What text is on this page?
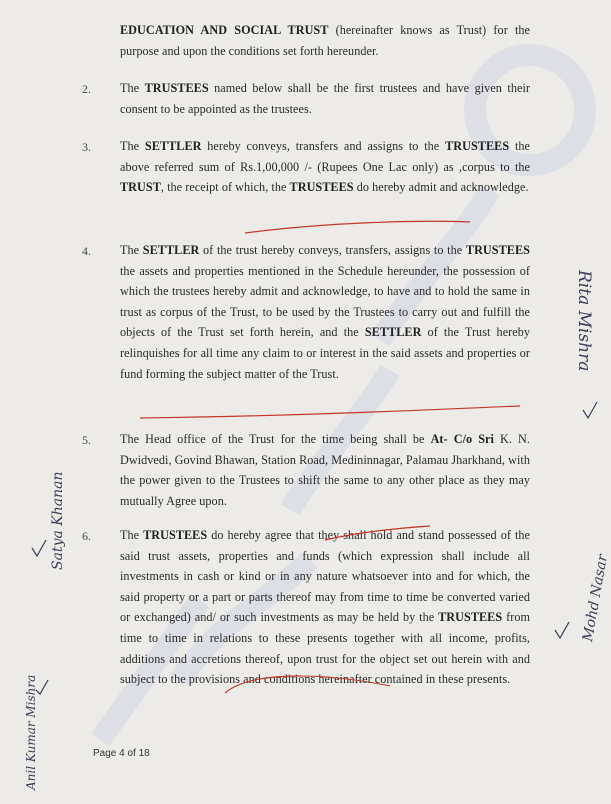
2.
3.
4.
5.
6.
EDUCATION AND SOCIAL TRUST (hereinafter knows as Trust) for the purpose and upon the conditions set forth hereunder.
The TRUSTEES named below shall be the first trustees and have given their consent to be appointed as the trustees.
The SETTLER hereby conveys, transfers and assigns to the TRUSTEES the above referred sum of Rs.1,00,000 /- (Rupees One Lac only) as ,corpus to the TRUST, the receipt of which, the TRUSTEES do hereby admit and acknowledge.
The SETTLER of the trust hereby conveys, transfers, assigns to the TRUSTEES the assets and properties mentioned in the Schedule hereunder, the possession of which the trustees hereby admit and acknowledge, to have and to hold the same in trust as corpus of the Trust, to be used by the Trustees to carry out and fulfill the objects of the Trust set forth herein, and the SETTLER of the Trust hereby relinquishes for all time any claim to or interest in the said assets and properties or fund forming the subject matter of the Trust.
The Head office of the Trust for the time being shall be At- C/o Sri K. N. Dwidvedi, Govind Bhawan, Station Road, Medininnagar, Palamau Jharkhand, with the power given to the Trustees to shift the same to any other place as they may mutually Agree upon.
The TRUSTEES do hereby agree that they shall hold and stand possessed of the said trust assets, properties and funds (which expression shall include all investments in cash or kind or in any nature whatsoever into and for which, the said property or a part or parts thereof may from time to time be converted varied or exchanged) and/ or such investments as may be held by the TRUSTEES from time to time in relations to these presents together with all income, profits, additions and accretions thereof, upon trust for the object set out herein with and subject to the provisions and conditions hereinafter contained in these presents.
Page 4 of 18
Rita Mishra
Satya Khanan
Anil Kumar Mishra
Mohd Nasar
